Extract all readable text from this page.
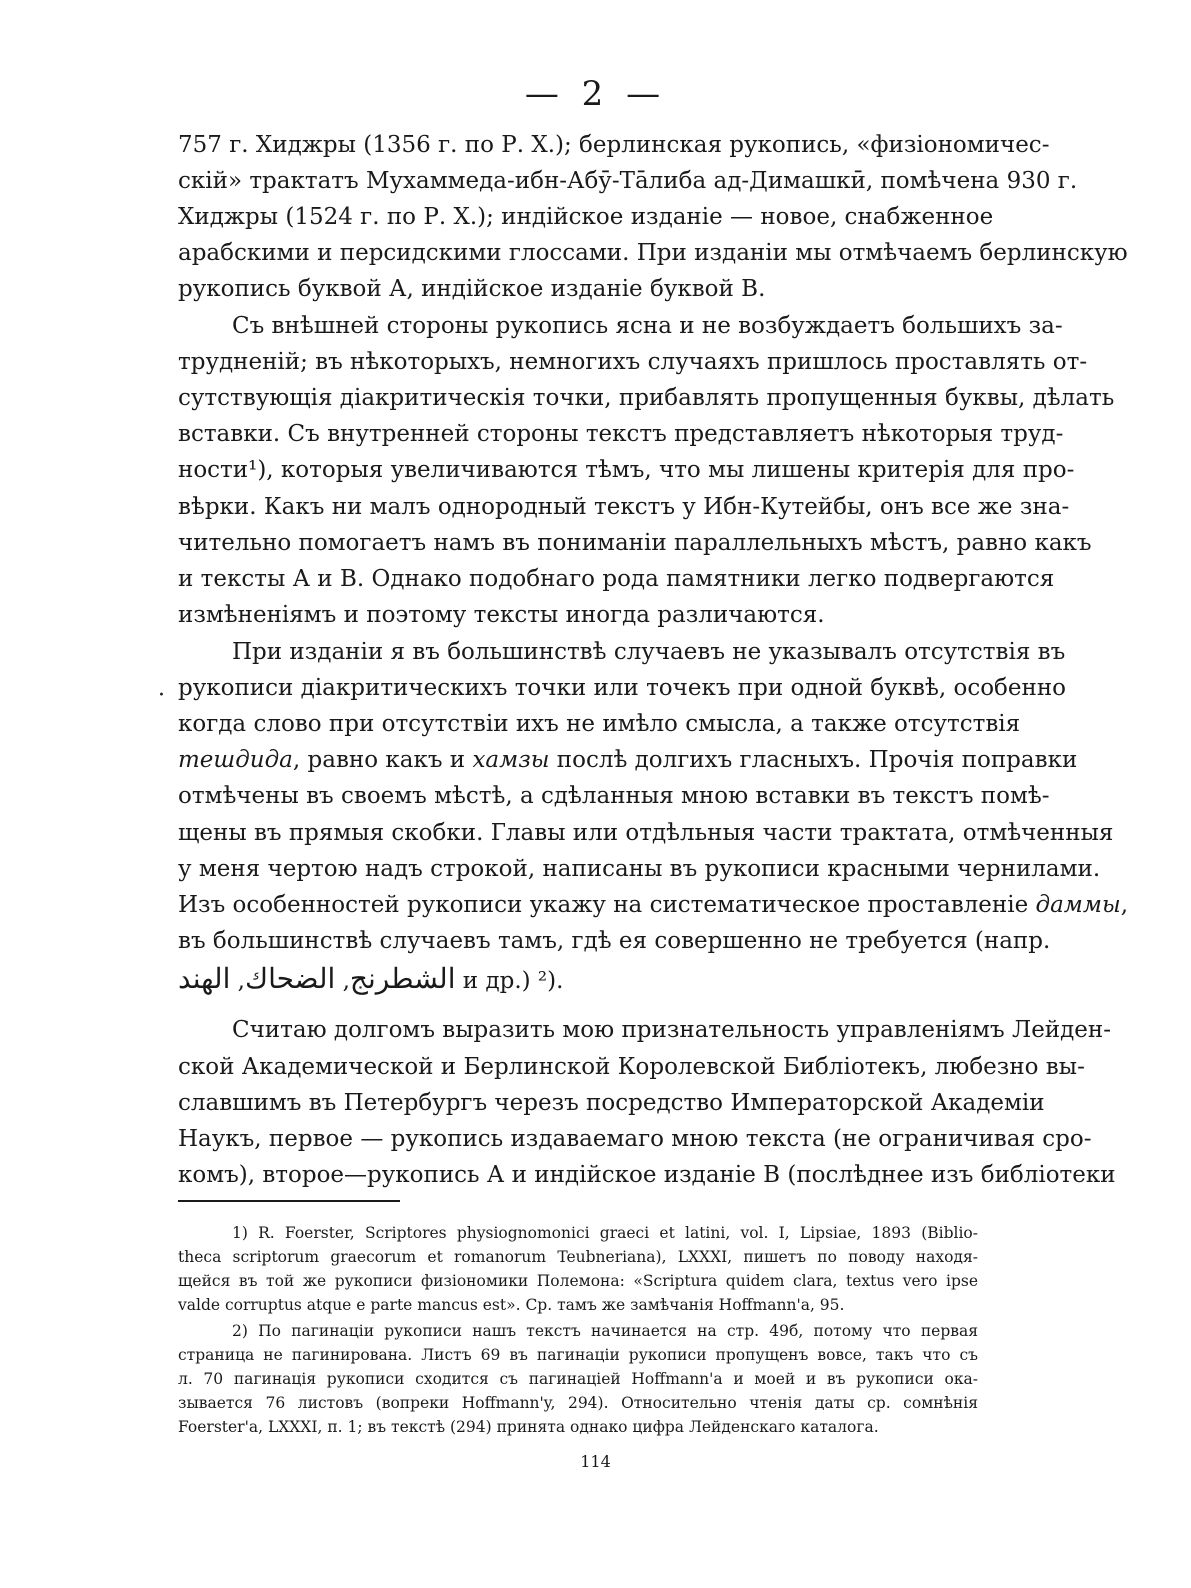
— 2 —
757 г. Хиджры (1356 г. по Р. Х.); берлинская рукопись, «физіономичес-
скій» трактатъ Мухаммеда-ибн-Абӯ-Тāлиба ад-Димашкӣ, помѣчена 930 г.
Хиджры (1524 г. по Р. Х.); индійское изданіе — новое, снабженное
арабскими и персидскими глоссами. При изданіи мы отмѣчаемъ берлинскую
рукопись буквой А, индійское изданіе буквой В.
Съ внѣшней стороны рукопись ясна и не возбуждаетъ большихъ за-
трудненій; въ нѣкоторыхъ, немногихъ случаяхъ пришлось проставлять от-
сутствующія діакритическія точки, прибавлять пропущенныя буквы, дѣлать
вставки. Съ внутренней стороны текстъ представляетъ нѣкоторыя труд-
ности¹), которыя увеличиваются тѣмъ, что мы лишены критерія для про-
вѣрки. Какъ ни малъ однородный текстъ у Ибн-Кутейбы, онъ все же зна-
чительно помогаетъ намъ въ пониманіи параллельныхъ мѣстъ, равно какъ
и тексты А и В. Однако подобнаго рода памятники легко подвергаются
измѣненіямъ и поэтому тексты иногда различаются.
При изданіи я въ большинствѣ случаевъ не указывалъ отсутствія въ
рукописи діакритическихъ точки или точекъ при одной буквѣ, особенно
·
когда слово при отсутствіи ихъ не имѣло смысла, а также отсутствія
тешдида, равно какъ и хамзы послѣ долгихъ гласныхъ. Прочія поправки
отмѣчены въ своемъ мѣстѣ, а сдѣланныя мною вставки въ текстъ помѣ-
щены въ прямыя скобки. Главы или отдѣльныя части трактата, отмѣченныя
у меня чертою надъ строкой, написаны въ рукописи красными чернилами.
Изъ особенностей рукописи укажу на систематическое проставленіе даммы,
въ большинствѣ случаевъ тамъ, гдѣ ея совершенно не требуется (напр.
الشطرنج, الضحاك, الهند	и др.) ²).
Считаю долгомъ выразить мою признательность управленіямъ Лейден-
ской Академической и Берлинской Королевской Библіотекъ, любезно вы-
славшимъ въ Петербургъ черезъ посредство Императорской Академіи
Наукъ, первое — рукопись издаваемаго мною текста (не ограничивая сро-
комъ), второе—рукопись А и индійское изданіе В (послѣднее изъ библіотеки
1) R. Foerster, Scriptores physiognomonici graeci et latini, vol. I, Lipsiae, 1893 (Biblio-
theca scriptorum graecorum et romanorum Teubneriana), LXXXI, пишетъ по поводу находя-
щейся въ той же рукописи физіономики Полемона: «Scriptura quidem clara, textus vero ipse
valde corruptus atque e parte mancus est». Ср. тамъ же замѣчанія Hoffmann'a, 95.
2) По пагинаціи рукописи нашъ текстъ начинается на стр. 49б, потому что первая
страница не пагинирована. Листъ 69 въ пагинаціи рукописи пропущенъ вовсе, такъ что съ
л. 70 пагинація рукописи сходится съ пагинаціей Hoffmann'a и моей и въ рукописи ока-
зывается 76 листовъ (вопреки Hoffmann'y, 294). Относительно чтенія даты ср. сомнѣнія
Foerster'a, LXXXI, п. 1; въ текстѣ (294) принята однако цифра Лейденскаго каталога.
114
